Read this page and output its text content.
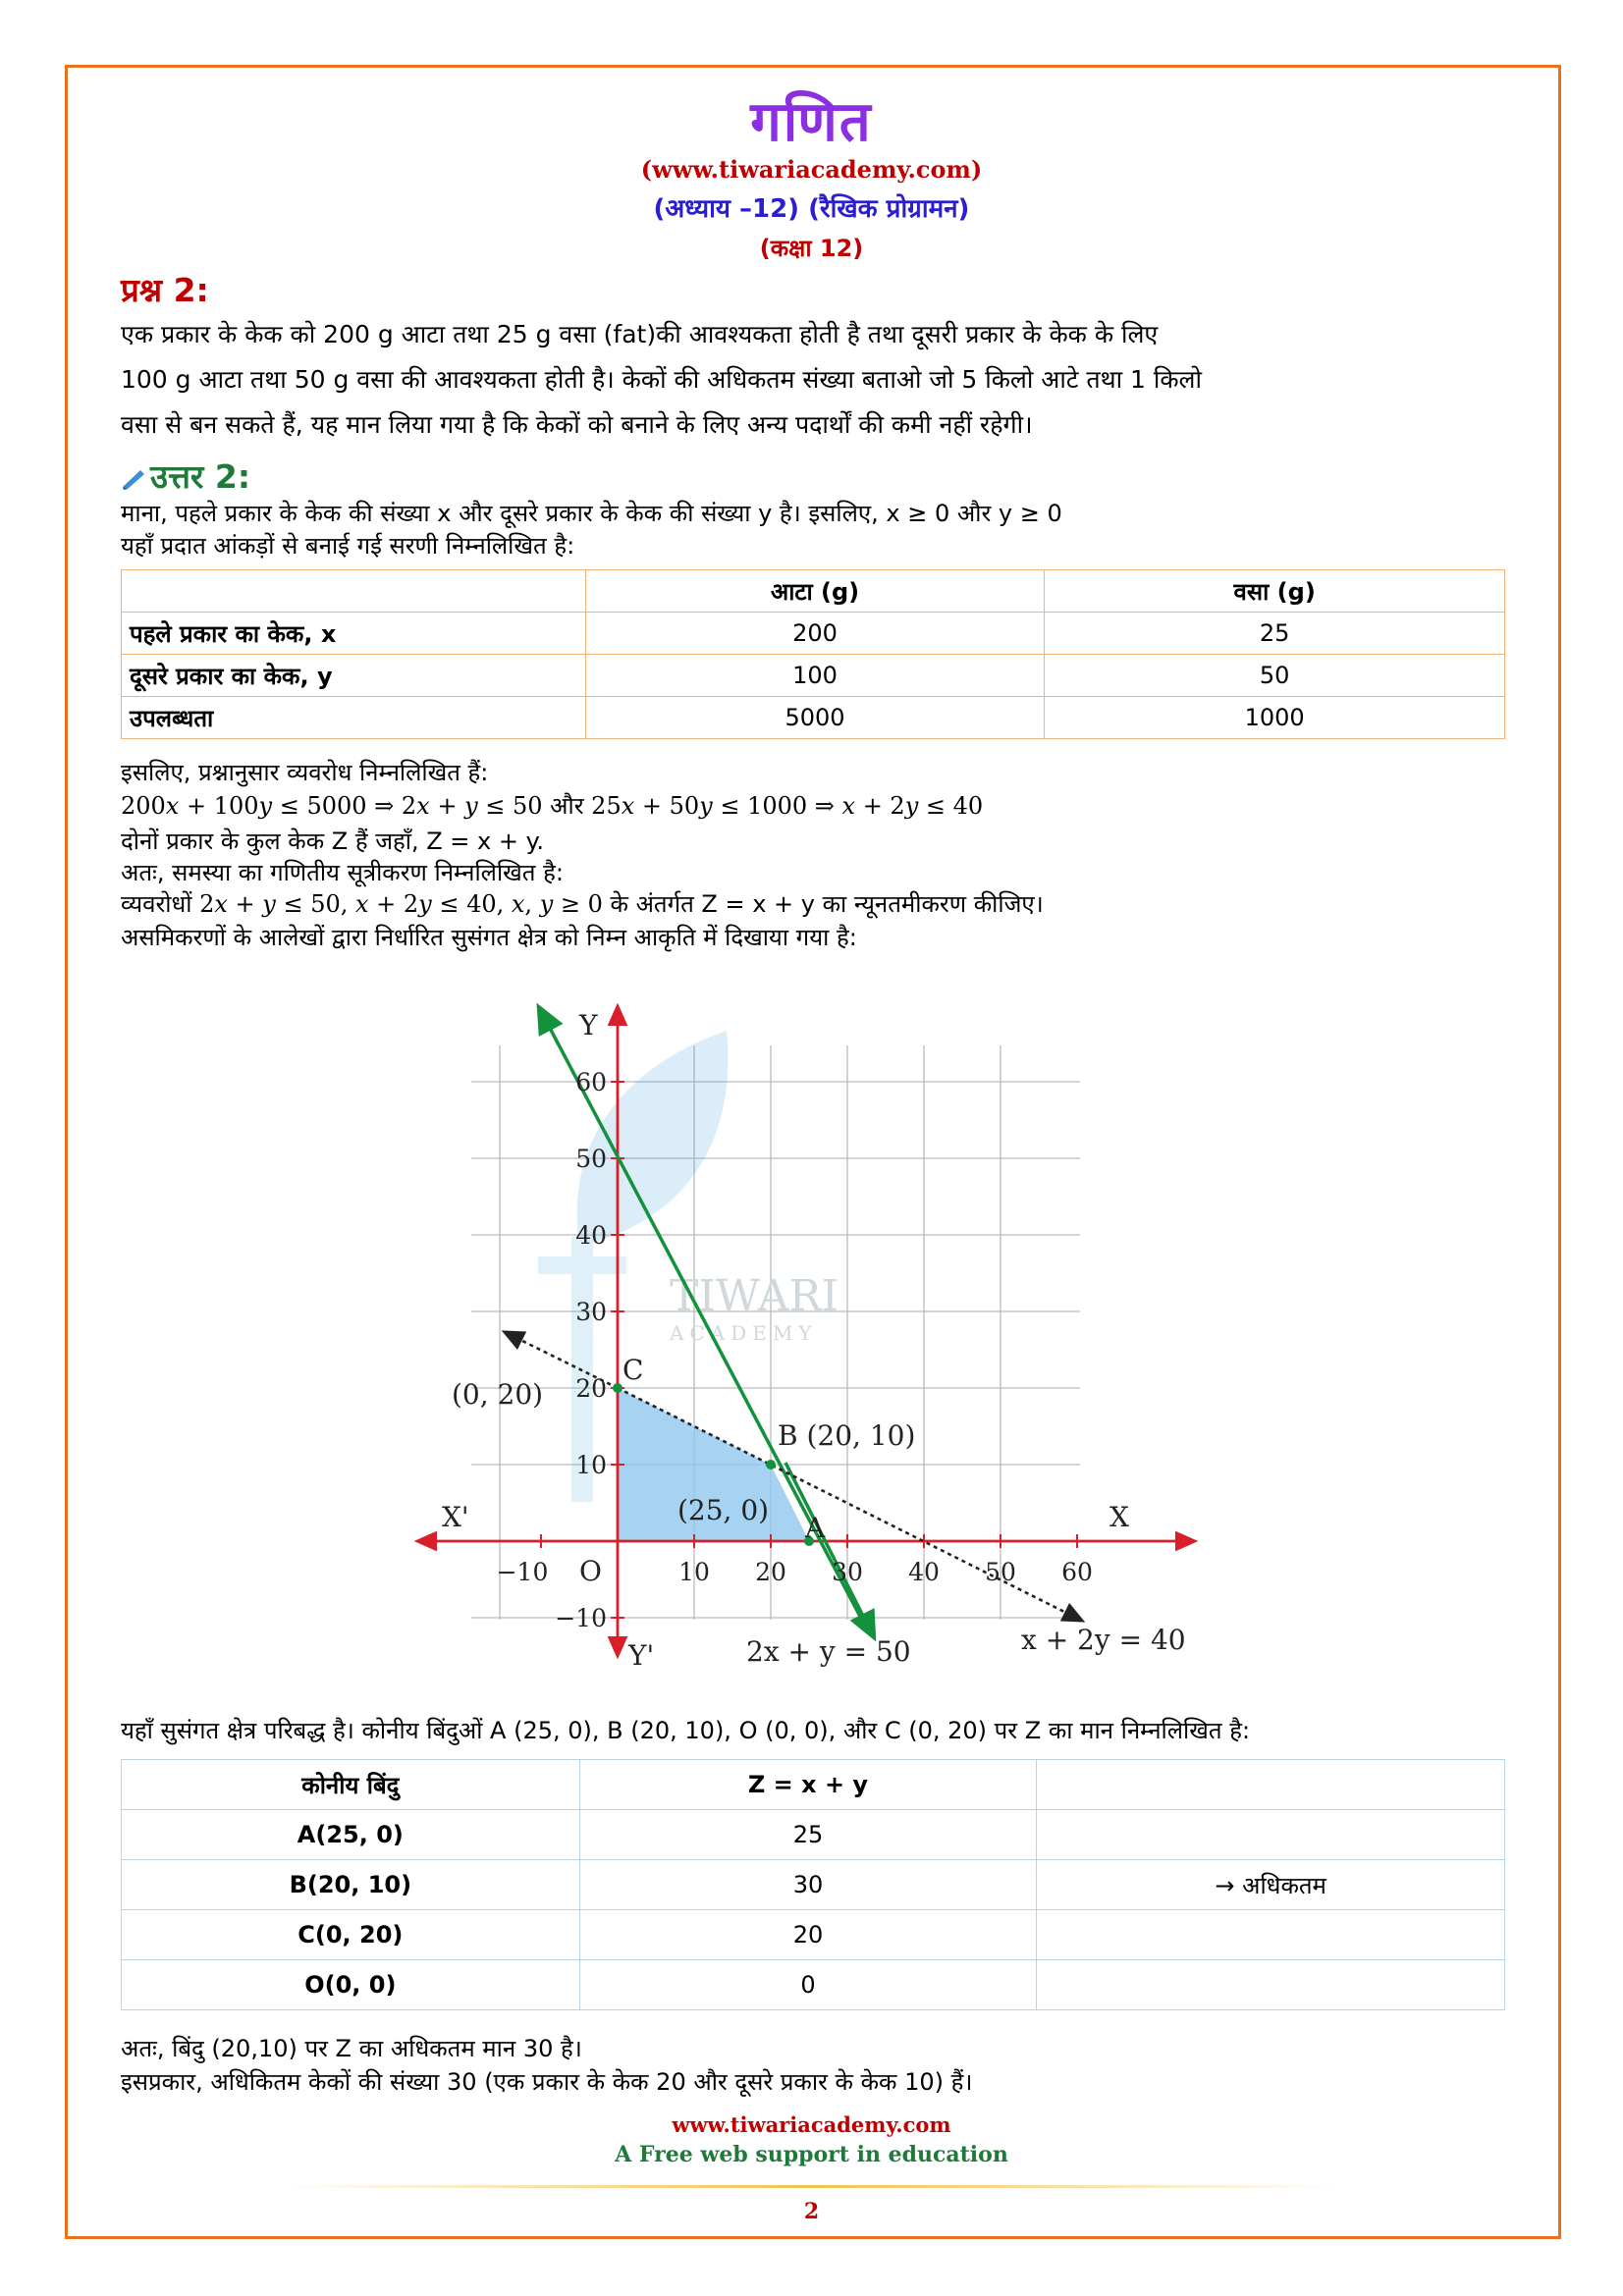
गणित
(www.tiwariacademy.com)
(अध्याय –12) (रैखिक प्रोग्रामन)
(कक्षा 12)
प्रश्न 2:
एक प्रकार के केक को 200 g आटा तथा 25 g वसा (fat)की आवश्यकता होती है तथा दूसरी प्रकार के केक के लिए
100 g आटा तथा 50 g वसा की आवश्यकता होती है। केकों की अधिकतम संख्या बताओ जो 5 किलो आटे तथा 1 किलो
वसा से बन सकते हैं, यह मान लिया गया है कि केकों को बनाने के लिए अन्य पदार्थों की कमी नहीं रहेगी।
उत्तर 2:
माना, पहले प्रकार के केक की संख्या x और दूसरे प्रकार के केक की संख्या y है। इसलिए, x ≥ 0 और y ≥ 0
यहाँ प्रदात आंकड़ों से बनाई गई सरणी निम्नलिखित है:
	आटा (g)	वसा (g)
पहले प्रकार का केक, x	200	25
दूसरे प्रकार का केक, y	100	50
उपलब्धता	5000	1000
इसलिए, प्रश्नानुसार व्यवरोध निम्नलिखित हैं:
200𝑥 + 100𝑦 ≤ 5000 ⇒ 2𝑥 + 𝑦 ≤ 50 और 25𝑥 + 50𝑦 ≤ 1000 ⇒ 𝑥 + 2𝑦 ≤ 40
दोनों प्रकार के कुल केक Z हैं जहाँ, Z = x + y.
अतः, समस्या का गणितीय सूत्रीकरण निम्नलिखित है:
व्यवरोधों 2𝑥 + 𝑦 ≤ 50, 𝑥 + 2𝑦 ≤ 40, 𝑥, 𝑦 ≥ 0 के अंतर्गत Z = x + y का न्यूनतमीकरण कीजिए।
असमिकरणों के आलेखों द्वारा निर्धारित सुसंगत क्षेत्र को निम्न आकृति में दिखाया गया है:
TIWARI
ACADEMY
Y
Y'
X
X'
O
−10	10 20 30 40 50 60
60
50
40
30
20
10
−10
C
(0, 20)
B (20, 10)
A
(25, 0)
2x + y = 50	x + 2y = 40
यहाँ सुसंगत क्षेत्र परिबद्ध है। कोनीय बिंदुओं A (25, 0), B (20, 10), O (0, 0), और C (0, 20) पर Z का मान निम्नलिखित है:
कोनीय बिंदु	Z = x + y	
A(25, 0)	25	
B(20, 10)	30	→ अधिकतम
C(0, 20)	20	
O(0, 0)	0	
अतः, बिंदु (20,10) पर Z का अधिकतम मान 30 है।
इसप्रकार, अधिकितम केकों की संख्या 30 (एक प्रकार के केक 20 और दूसरे प्रकार के केक 10) हैं।
www.tiwariacademy.com
A Free web support in education
2
